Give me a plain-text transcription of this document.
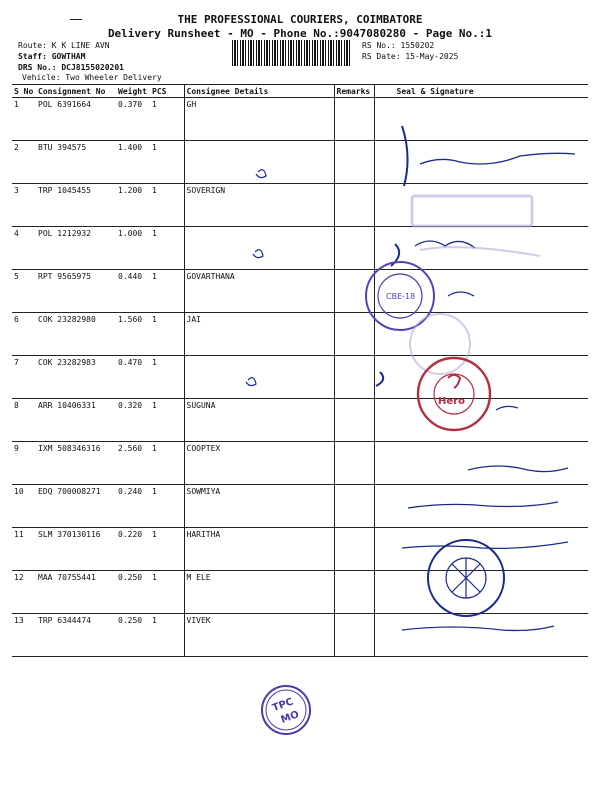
THE PROFESSIONAL COURIERS, COIMBATORE
Delivery Runsheet - MO - Phone No.:9047080280 - Page No.:1
Route: K K LINE AVN
Staff: GOWTHAM
DRS No.: DCJ8155020201
Vehicle: Two Wheeler Delivery
RS No.: 1550202
RS Date: 15-May-2025
S No	Consignment No	Weight	PCS	Consignee Details	Remarks	Seal & Signature
1	POL 6391664	0.370	1	GH		
2	BTU 394575	1.400	1			
3	TRP 1045455	1.200	1	SOVERIGN		
4	POL 1212932	1.000	1			
5	RPT 9565975	0.440	1	GOVARTHANA		
6	COK 23282980	1.560	1	JAI		
7	COK 23282983	0.470	1			
8	ARR 10406331	0.320	1	SUGUNA		
9	IXM 508346316	2.560	1	COOPTEX		
10	EDQ 700008271	0.240	1	SOWMIYA		
11	SLM 370130116	0.220	1	HARITHA		
12	MAA 70755441	0.250	1	M ELE		
13	TRP 6344474	0.250	1	VIVEK		
CBE-18
Hero
TPC
MO
